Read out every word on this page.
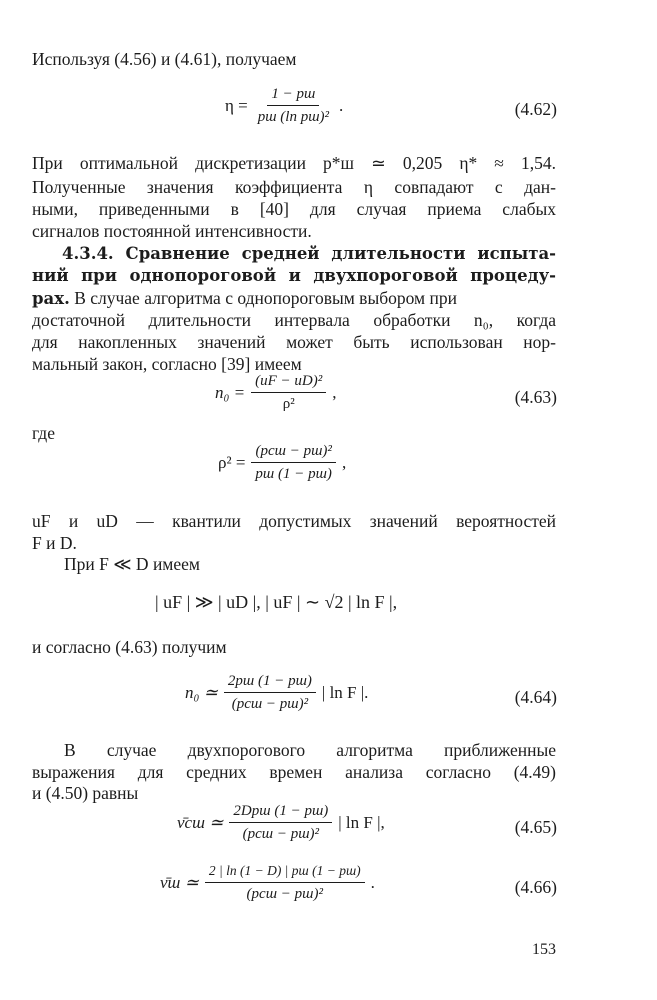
Используя (4.56) и (4.61), получаем
$\eta = \frac{1 - pш}{\text{pш (ln pш)²}}$ .	(4.62)
При оптимальной дискретизации p*ш ≃ 0,205 η* ≈ 1,54.
Полученные значения коэффициента η совпадают с дан-
ными, приведенными в [40] для случая приема слабых
сигналов постоянной интенсивности.
4.3.4. Сравнение средней длительности испыта-
ний при однопороговой и двухпороговой процеду-
рах. В случае алгоритма с однопороговым выбором при
достаточной длительности интервала обработки n₀, когда
для накопленных значений может быть использован нор-
мальный закон, согласно [39] имеем
$n_0 = \frac{\text{(uF − uD)²}}{\text{ρ²}}$ ,	(4.63)
где
$\rho^2 = \frac{\text{(pсш − pш)²}}{pш (1 - pш)}$ ,
uF и uD — квантили допустимых значений вероятностей
F и D.
При F ≪ D имеем
| uF | ≫ | uD |, | uF | ∼ √2 | ln F |,
и согласно (4.63) получим
n₀ ≃ $\frac{2pш (1 - pш)}{\text{(pсш − pш)²}}$ | ln F |.	(4.64)
В случае двухпорогового алгоритма приближенные
выражения для средних времен анализа согласно (4.49)
и (4.50) равны
ν̄сш ≃ $\frac{\text{2Dpш (1 − pш)}}{\text{(pсш − pш)²}}$ | ln F |,	(4.65)
ν̄ш ≃ $\frac{2 | \ln (1 - D) | pш (1 - pш)}{\text{(pсш − pш)²}}$ .	(4.66)
153
